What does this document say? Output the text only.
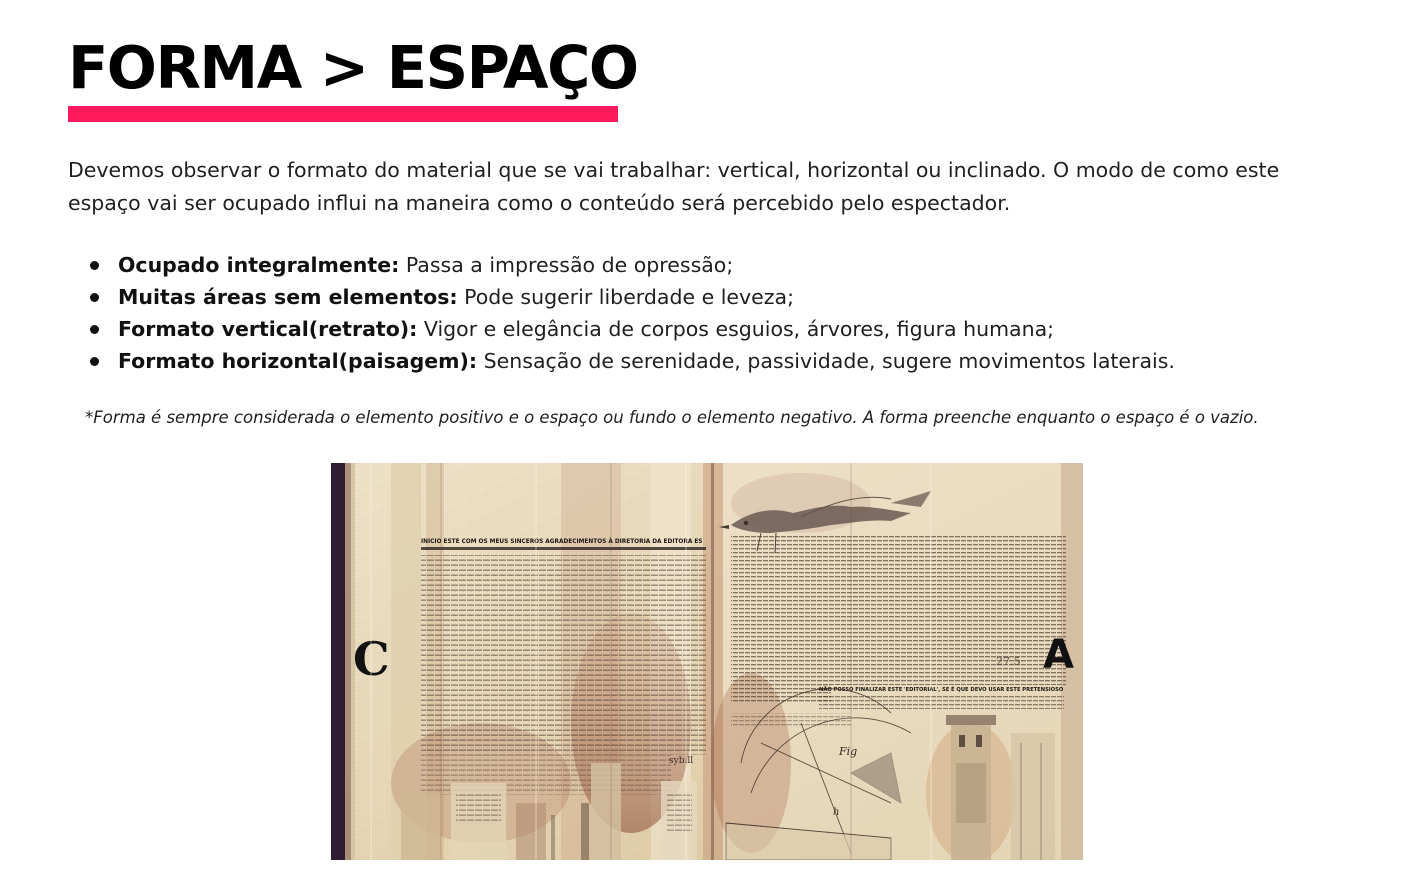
FORMA > ESPAÇO

Devemos observar o formato do material que se vai trabalhar: vertical, horizontal ou inclinado. O modo de como este espaço vai ser ocupado influi na maneira como o conteúdo será percebido pelo espectador.

Ocupado integralmente: Passa a impressão de opressão;
Muitas áreas sem elementos: Pode sugerir liberdade e leveza;
Formato vertical(retrato): Vigor e elegância de corpos esguios, árvores, figura humana;
Formato horizontal(paisagem): Sensação de serenidade, passividade, sugere movimentos laterais.

*Forma é sempre considerada o elemento positivo e o espaço ou fundo o elemento negativo. A forma preenche enquanto o espaço é o vazio.

INICIO ESTE COM OS MEUS SINCEROS AGRADECIMENTOS À DIRETORIA DA EDITORA ES
NÃO POSSO FINALIZAR ESTE 'EDITORIAL', SE É QUE DEVO USAR ESTE PRETENSIOSO
C	A
27.5
Fig
h
sybill
